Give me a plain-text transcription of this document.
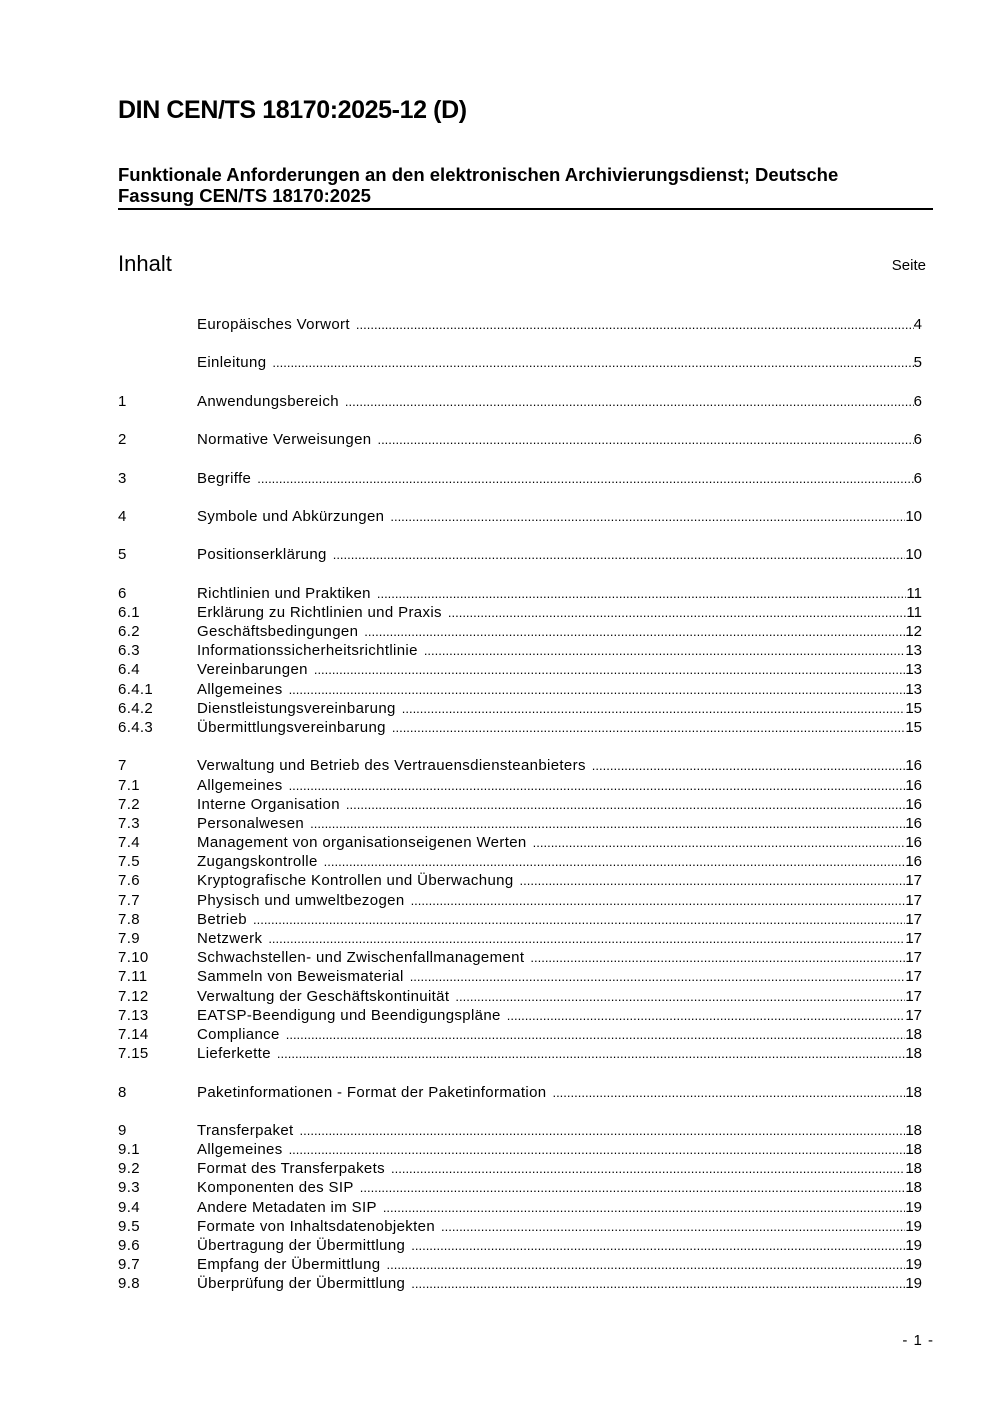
DIN CEN/TS 18170:2025-12 (D)
Funktionale Anforderungen an den elektronischen Archivierungsdienst; Deutsche
Fassung CEN/TS 18170:2025
Inhalt	Seite
Europäisches Vorwort .....	4
Einleitung .....	5
1	Anwendungsbereich .....	6
2	Normative Verweisungen .....	6
3	Begriffe .....	6
4	Symbole und Abkürzungen .....	10
5	Positionserklärung .....	10
6	Richtlinien und Praktiken .....	11
6.1	Erklärung zu Richtlinien und Praxis .....	11
6.2	Geschäftsbedingungen .....	12
6.3	Informationssicherheitsrichtlinie .....	13
6.4	Vereinbarungen .....	13
6.4.1	Allgemeines .....	13
6.4.2	Dienstleistungsvereinbarung .....	15
6.4.3	Übermittlungsvereinbarung .....	15
7	Verwaltung und Betrieb des Vertrauensdiensteanbieters .....	16
7.1	Allgemeines .....	16
7.2	Interne Organisation .....	16
7.3	Personalwesen .....	16
7.4	Management von organisationseigenen Werten .....	16
7.5	Zugangskontrolle .....	16
7.6	Kryptografische Kontrollen und Überwachung .....	17
7.7	Physisch und umweltbezogen .....	17
7.8	Betrieb .....	17
7.9	Netzwerk .....	17
7.10	Schwachstellen- und Zwischenfallmanagement .....	17
7.11	Sammeln von Beweismaterial .....	17
7.12	Verwaltung der Geschäftskontinuität .....	17
7.13	EATSP-Beendigung und Beendigungspläne .....	17
7.14	Compliance .....	18
7.15	Lieferkette .....	18
8	Paketinformationen - Format der Paketinformation .....	18
9	Transferpaket .....	18
9.1	Allgemeines .....	18
9.2	Format des Transferpakets .....	18
9.3	Komponenten des SIP .....	18
9.4	Andere Metadaten im SIP .....	19
9.5	Formate von Inhaltsdatenobjekten .....	19
9.6	Übertragung der Übermittlung .....	19
9.7	Empfang der Übermittlung .....	19
9.8	Überprüfung der Übermittlung .....	19
- 1 -
